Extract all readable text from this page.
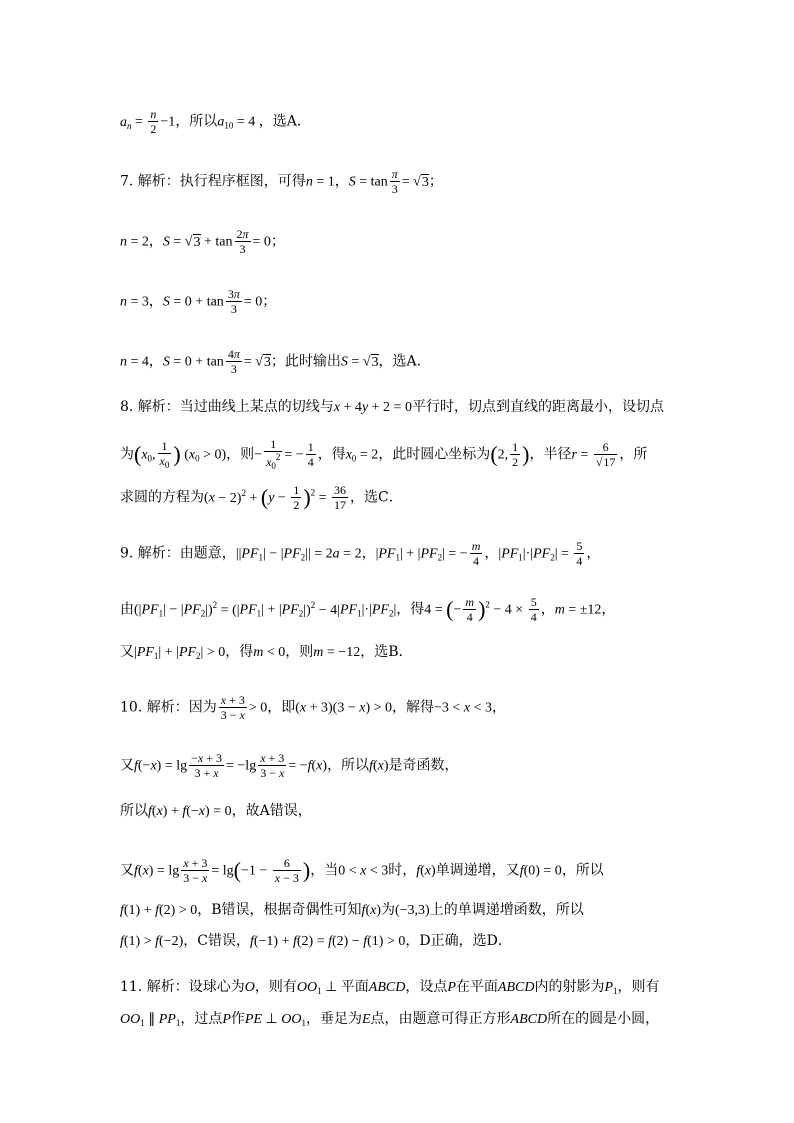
$a_n = \frac{n}{2} -1$，所以$a_{10} = 4$ ，选A．
7. 解析：执行程序框图，可得n = 1，$S = \tan \frac{\pi}{3} = √3$；
n = 2，$S = √3 + \tan \frac{2\pi}{3} = 0$；
n = 3，$S = 0 + \tan \frac{3\pi}{3} = 0$；
n = 4，$S = 0 + \tan \frac{4\pi}{3} = √3$；此时输出S = √3，选A．
8. 解析：当过曲线上某点的切线与x + 4y + 2 = 0平行时，切点到直线的距离最小，设切点
为($x_0$, $\frac{1}{x_0}$ ) $(x_0 > 0)$，则− $\frac{1}{x_0^2}$ = − $\frac{1}{4}$ ，得$x_0 = 2$，此时圆心坐标为(2, $\frac{1}{2}$ )，半径$r = \frac{6}{√17}$ ，所
求圆的方程为$(x - 2)^2 + (y - \frac{1}{2} )^2 = \frac{36}{17}$ ，选C．
9. 解析：由题意，$||PF_1| - |PF_2|| = 2a = 2$，$|PF_1| + |PF_2|$ = − $\frac{m}{4}$ ，$|PF_1|\cdot|PF_2| = \frac{5}{4}$ ，
由$(|PF_1| - |PF_2|)^2 = (|PF_1| + |PF_2|)^2 - 4|PF_1|\cdot|PF_2|$，得4 = (− $\frac{m}{4} )^2 - 4 \times \frac{5}{4}$ ，m = ±12，
又$|PF_1| + |PF_2| > 0$，得m < 0，则m = −12，选B．
10. 解析：因为 $\frac{x + 3}{3 - x} > 0$，即(x + 3)(3 − x) > 0，解得−3 < x < 3，
又$f(-x) = \lg \frac{-x + 3}{3 + x} = -\lg \frac{x + 3}{3 - x} = -f(x)$，所以f(x)是奇函数，
所以f(x) + f(−x) = 0，故A错误，
又$f(x) = \lg \frac{x + 3}{3 - x} = \lg(-1 - \frac{6}{x - 3}$ )，当0 < x < 3时，f(x)单调递增，又f(0) = 0，所以
f(1) + f(2) > 0，B错误，根据奇偶性可知f(x)为(−3,3)上的单调递增函数，所以
f(1) > f(−2)，C错误，f(−1) + f(2) = f(2) − f(1) > 0，D正确，选D．
11. 解析：设球心为O，则有$OO_1$ ⊥ 平面ABCD，设点P在平面ABCD内的射影为$P_1$，则有
$OO_1$ ∥ $PP_1$，过点P作PE ⊥ $OO_1$，垂足为E点，由题意可得正方形ABCD所在的圆是小圆，
